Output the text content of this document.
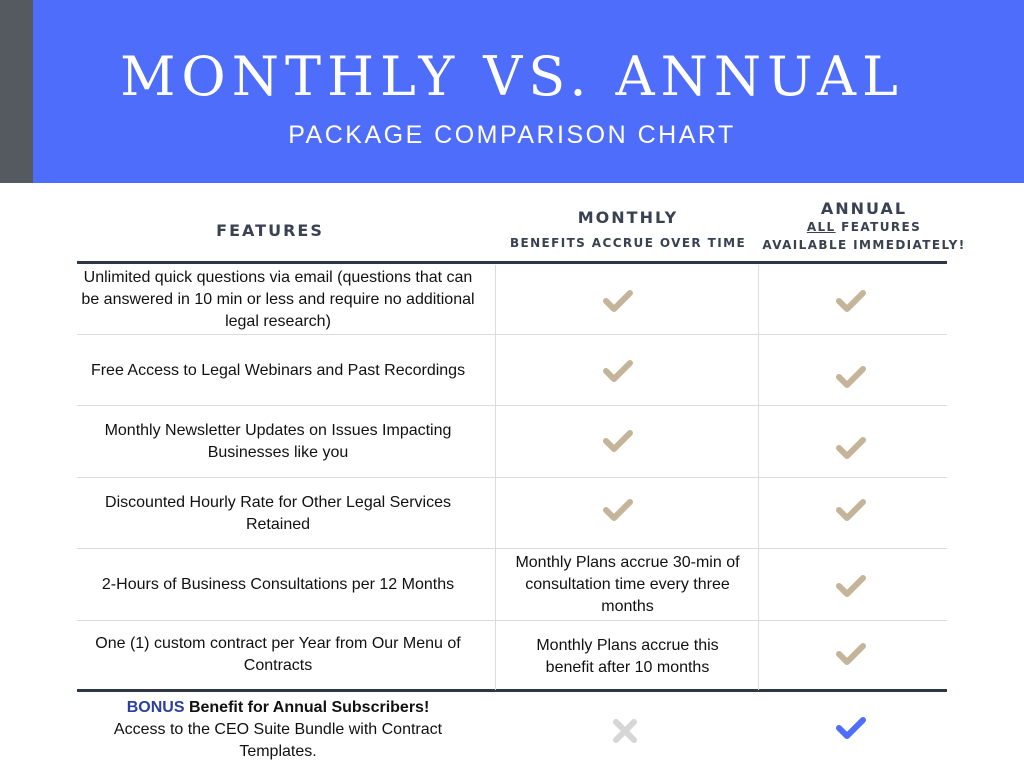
MONTHLY VS. ANNUAL
PACKAGE COMPARISON CHART
FEATURES
MONTHLY
BENEFITS ACCRUE OVER TIME
ANNUAL
ALL FEATURES
AVAILABLE IMMEDIATELY!
Unlimited quick questions via email (questions that can be answered in 10 min or less and require no additional legal research)
Free Access to Legal Webinars and Past Recordings
Monthly Newsletter Updates on Issues Impacting Businesses like you
Discounted Hourly Rate for Other Legal Services Retained
2-Hours of Business Consultations per 12 Months
One (1) custom contract per Year from Our Menu of Contracts
Monthly Plans accrue 30-min of consultation time every three months
Monthly Plans accrue this benefit after 10 months
BONUS Benefit for Annual Subscribers!
Access to the CEO Suite Bundle with Contract Templates.
